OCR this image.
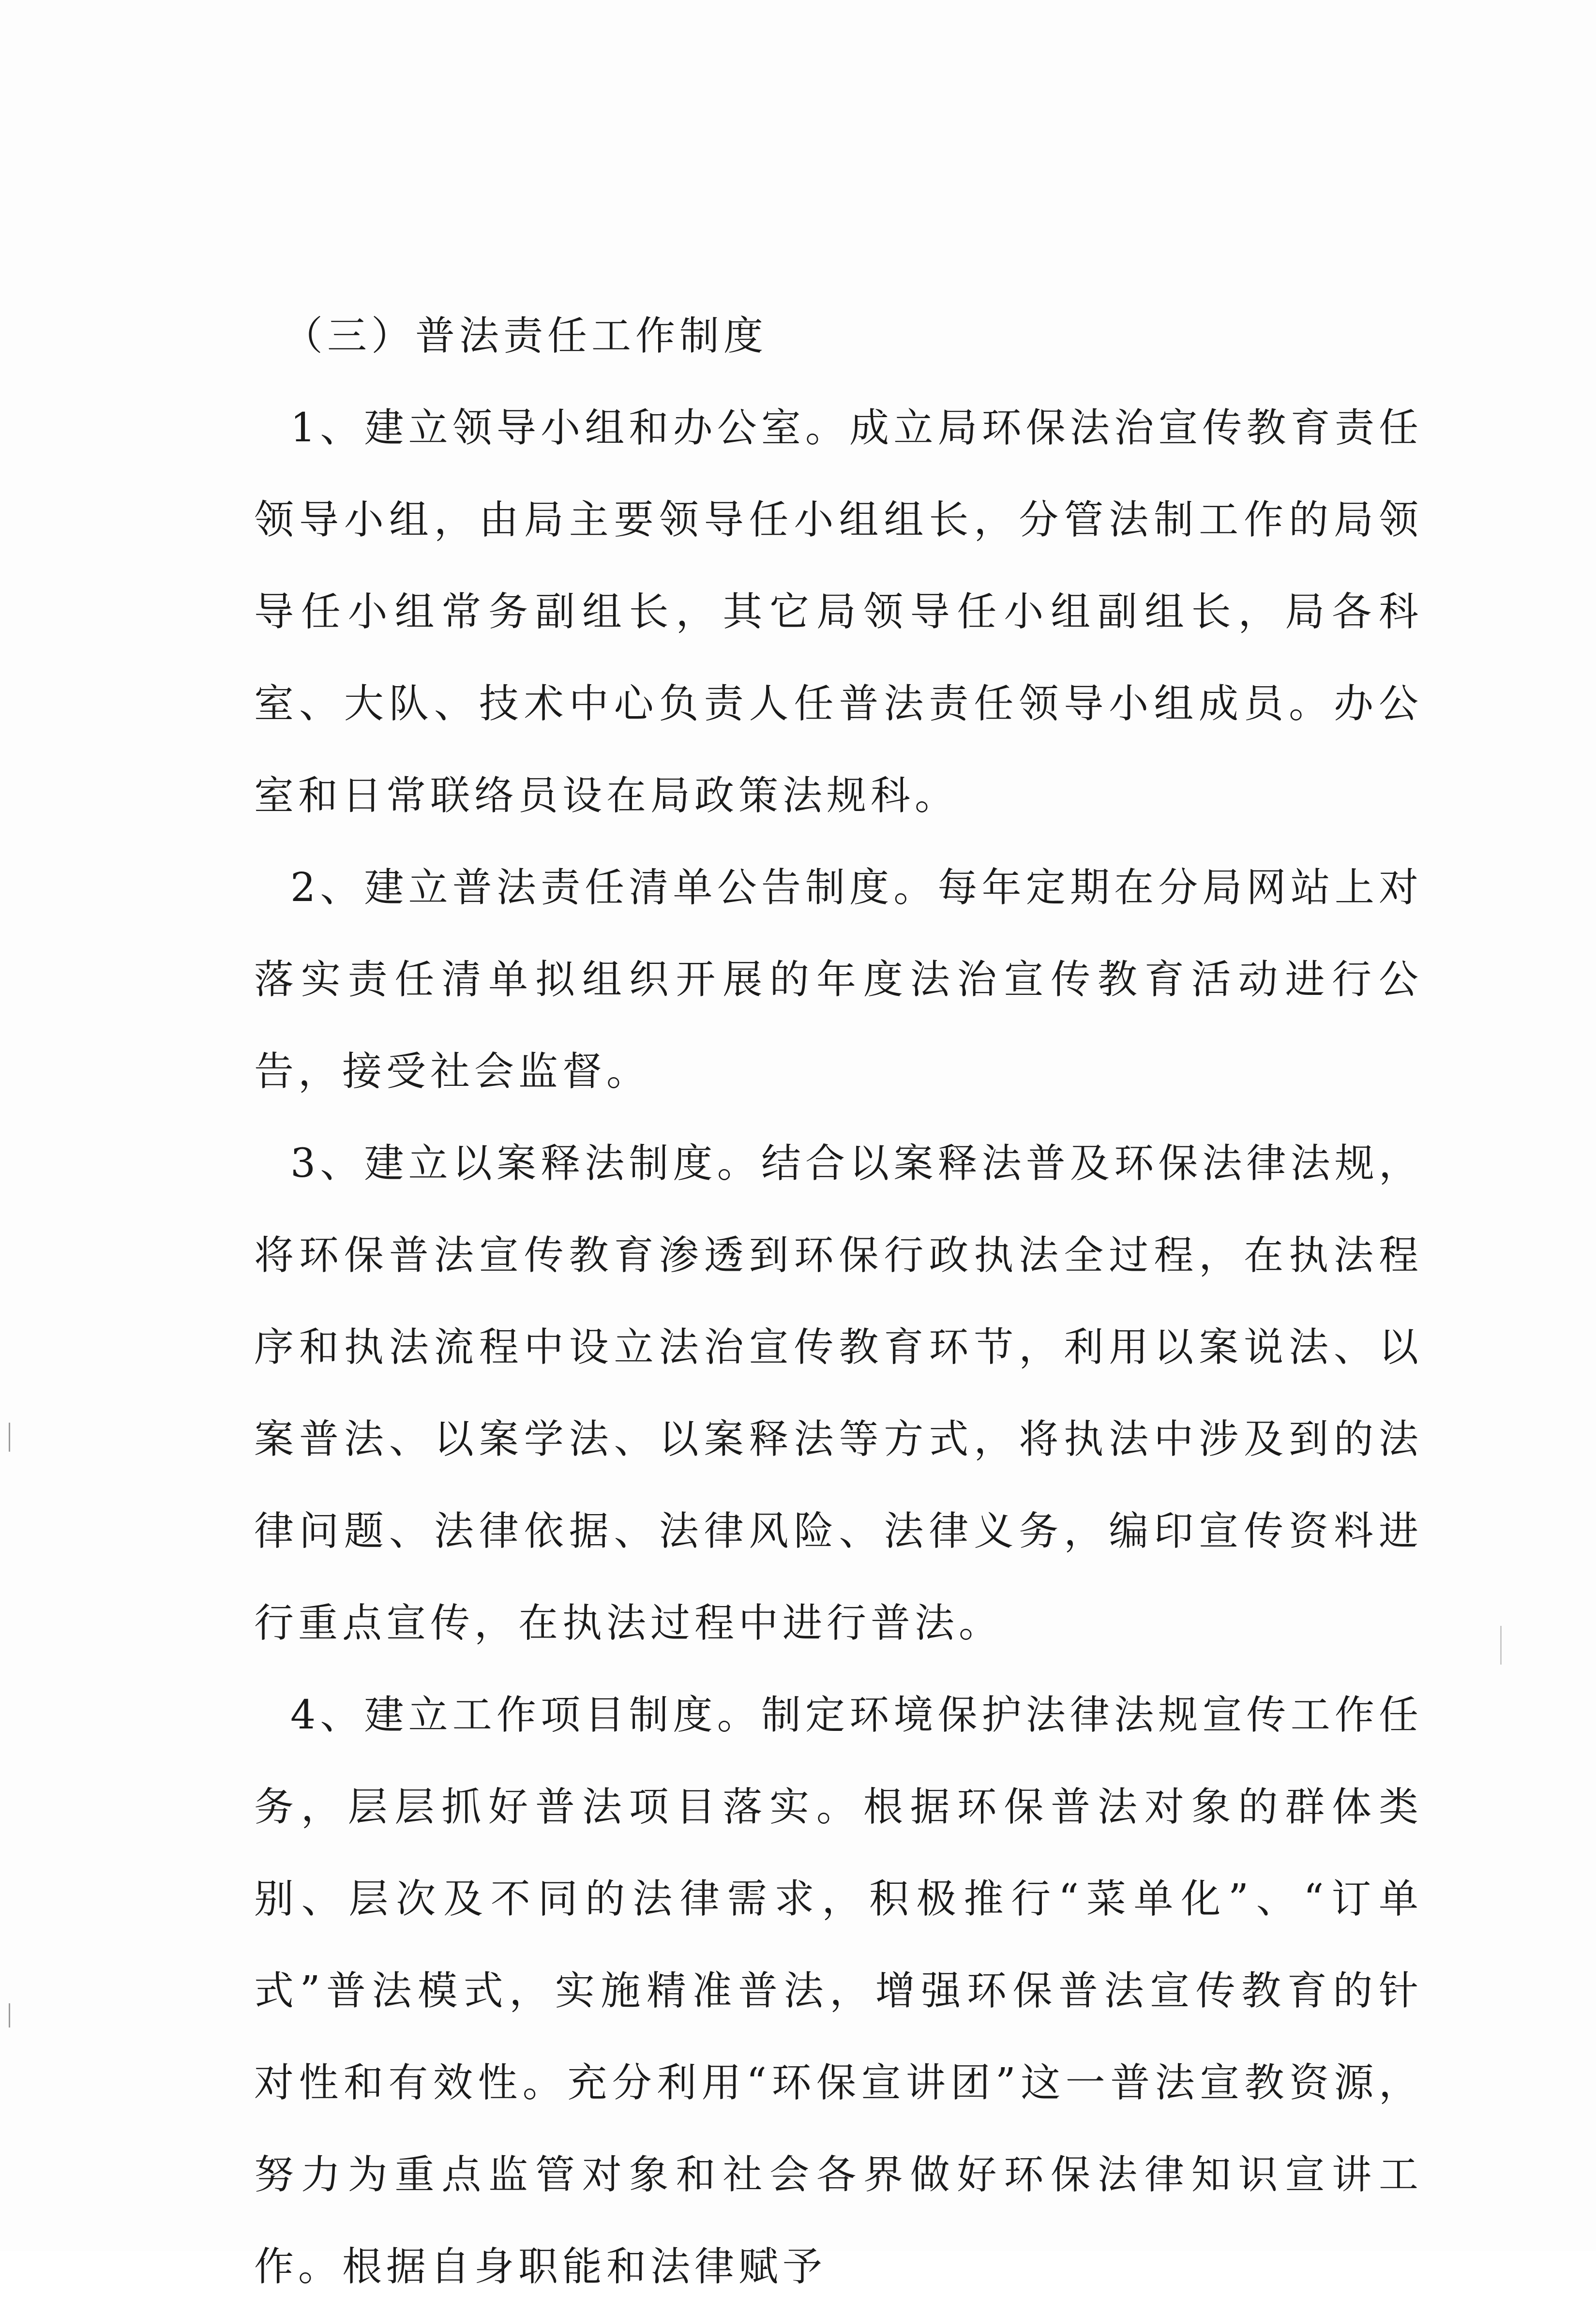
（三）普法责任工作制度

1、建立领导小组和办公室。成立局环保法治宣传教育责任领导小组，由局主要领导任小组组长，分管法制工作的局领导任小组常务副组长，其它局领导任小组副组长，局各科室、大队、技术中心负责人任普法责任领导小组成员。办公室和日常联络员设在局政策法规科。

2、建立普法责任清单公告制度。每年定期在分局网站上对落实责任清单拟组织开展的年度法治宣传教育活动进行公告，接受社会监督。

3、建立以案释法制度。结合以案释法普及环保法律法规，将环保普法宣传教育渗透到环保行政执法全过程，在执法程序和执法流程中设立法治宣传教育环节，利用以案说法、以案普法、以案学法、以案释法等方式，将执法中涉及到的法律问题、法律依据、法律风险、法律义务，编印宣传资料进行重点宣传，在执法过程中进行普法。

4、建立工作项目制度。制定环境保护法律法规宣传工作任务，层层抓好普法项目落实。根据环保普法对象的群体类别、层次及不同的法律需求，积极推行“菜单化”、“订单式”普法模式，实施精准普法，增强环保普法宣传教育的针对性和有效性。充分利用“环保宣讲团”这一普法宣教资源，努力为重点监管对象和社会各界做好环保法律知识宣讲工作。根据自身职能和法律赋予
